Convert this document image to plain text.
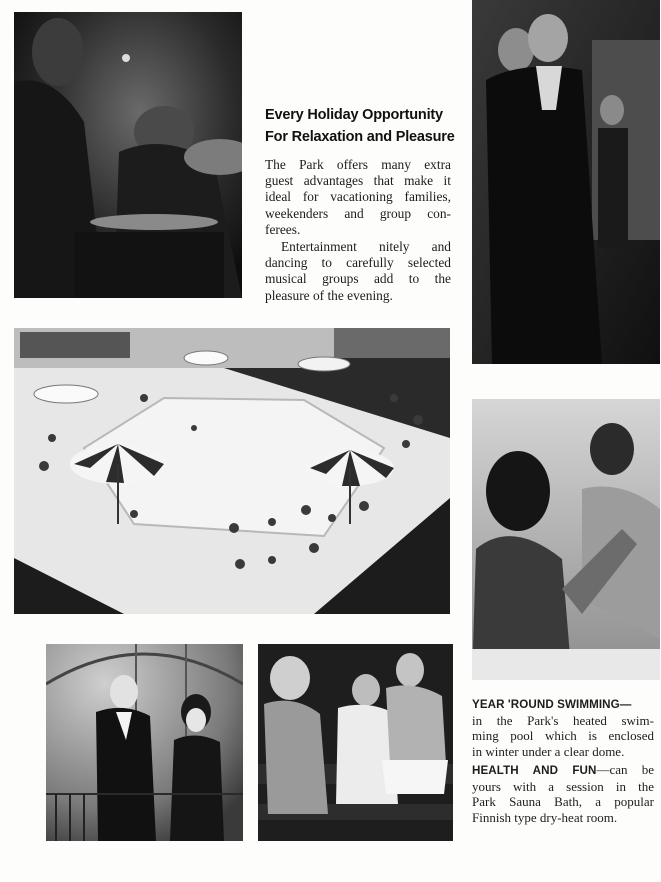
Every Holiday Opportunity
For Relaxation and Pleasure

The Park offers many extra
guest advantages that make it
ideal for vacationing families,
weekenders and group con-
ferees.

Entertainment nitely and
dancing to carefully selected
musical groups add to the
pleasure of the evening.

YEAR 'ROUND SWIMMING—
in the Park's heated swim-
ming pool which is enclosed
in winter under a clear dome.
HEALTH AND FUN—can be
yours with a session in the
Park Sauna Bath, a popular
Finnish type dry-heat room.
